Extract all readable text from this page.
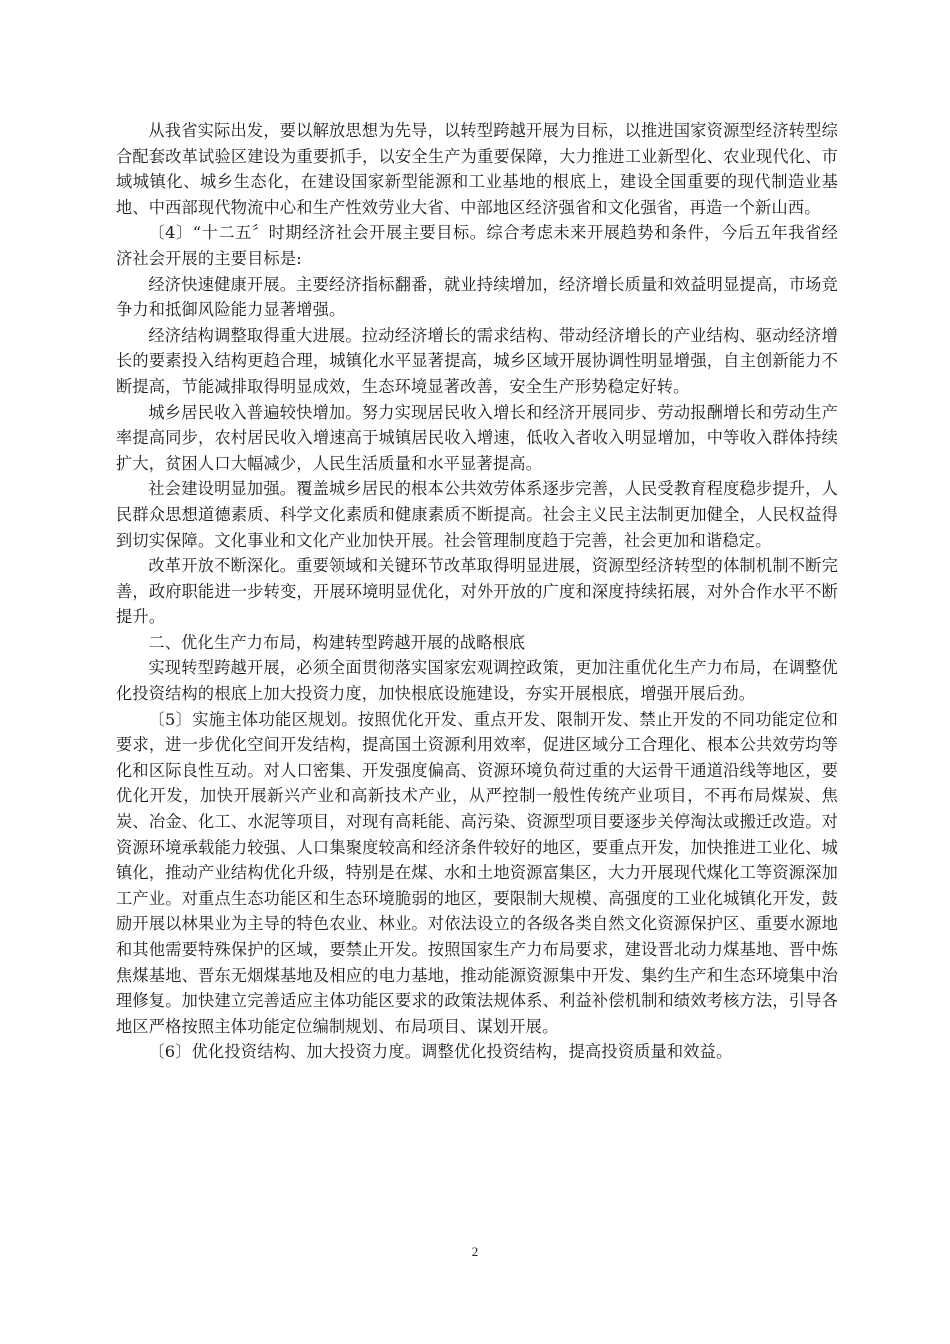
从我省实际出发，要以解放思想为先导，以转型跨越开展为目标，以推进国家资源型经济转型综合配套改革试验区建设为重要抓手，以安全生产为重要保障，大力推进工业新型化、农业现代化、市域城镇化、城乡生态化，在建设国家新型能源和工业基地的根底上，建设全国重要的现代制造业基地、中西部现代物流中心和生产性效劳业大省、中部地区经济强省和文化强省，再造一个新山西。

〔4〕“十二五〞时期经济社会开展主要目标。综合考虑未来开展趋势和条件，今后五年我省经济社会开展的主要目标是:

经济快速健康开展。主要经济指标翻番，就业持续增加，经济增长质量和效益明显提高，市场竞争力和抵御风险能力显著增强。

经济结构调整取得重大进展。拉动经济增长的需求结构、带动经济增长的产业结构、驱动经济增长的要素投入结构更趋合理，城镇化水平显著提高，城乡区域开展协调性明显增强，自主创新能力不断提高，节能减排取得明显成效，生态环境显著改善，安全生产形势稳定好转。

城乡居民收入普遍较快增加。努力实现居民收入增长和经济开展同步、劳动报酬增长和劳动生产率提高同步，农村居民收入增速高于城镇居民收入增速，低收入者收入明显增加，中等收入群体持续扩大，贫困人口大幅减少，人民生活质量和水平显著提高。

社会建设明显加强。覆盖城乡居民的根本公共效劳体系逐步完善，人民受教育程度稳步提升，人民群众思想道德素质、科学文化素质和健康素质不断提高。社会主义民主法制更加健全，人民权益得到切实保障。文化事业和文化产业加快开展。社会管理制度趋于完善，社会更加和谐稳定。

改革开放不断深化。重要领域和关键环节改革取得明显进展，资源型经济转型的体制机制不断完善，政府职能进一步转变，开展环境明显优化，对外开放的广度和深度持续拓展，对外合作水平不断提升。

二、优化生产力布局，构建转型跨越开展的战略根底

实现转型跨越开展，必须全面贯彻落实国家宏观调控政策，更加注重优化生产力布局，在调整优化投资结构的根底上加大投资力度，加快根底设施建设，夯实开展根底，增强开展后劲。

〔5〕实施主体功能区规划。按照优化开发、重点开发、限制开发、禁止开发的不同功能定位和要求，进一步优化空间开发结构，提高国土资源利用效率，促进区域分工合理化、根本公共效劳均等化和区际良性互动。对人口密集、开发强度偏高、资源环境负荷过重的大运骨干通道沿线等地区，要优化开发，加快开展新兴产业和高新技术产业，从严控制一般性传统产业项目，不再布局煤炭、焦炭、冶金、化工、水泥等项目，对现有高耗能、高污染、资源型项目要逐步关停淘汰或搬迁改造。对资源环境承载能力较强、人口集聚度较高和经济条件较好的地区，要重点开发，加快推进工业化、城镇化，推动产业结构优化升级，特别是在煤、水和土地资源富集区，大力开展现代煤化工等资源深加工产业。对重点生态功能区和生态环境脆弱的地区，要限制大规模、高强度的工业化城镇化开发，鼓励开展以林果业为主导的特色农业、林业。对依法设立的各级各类自然文化资源保护区、重要水源地和其他需要特殊保护的区域，要禁止开发。按照国家生产力布局要求，建设晋北动力煤基地、晋中炼焦煤基地、晋东无烟煤基地及相应的电力基地，推动能源资源集中开发、集约生产和生态环境集中治理修复。加快建立完善适应主体功能区要求的政策法规体系、利益补偿机制和绩效考核方法，引导各地区严格按照主体功能定位编制规划、布局项目、谋划开展。

〔6〕优化投资结构、加大投资力度。调整优化投资结构，提高投资质量和效益。

2
